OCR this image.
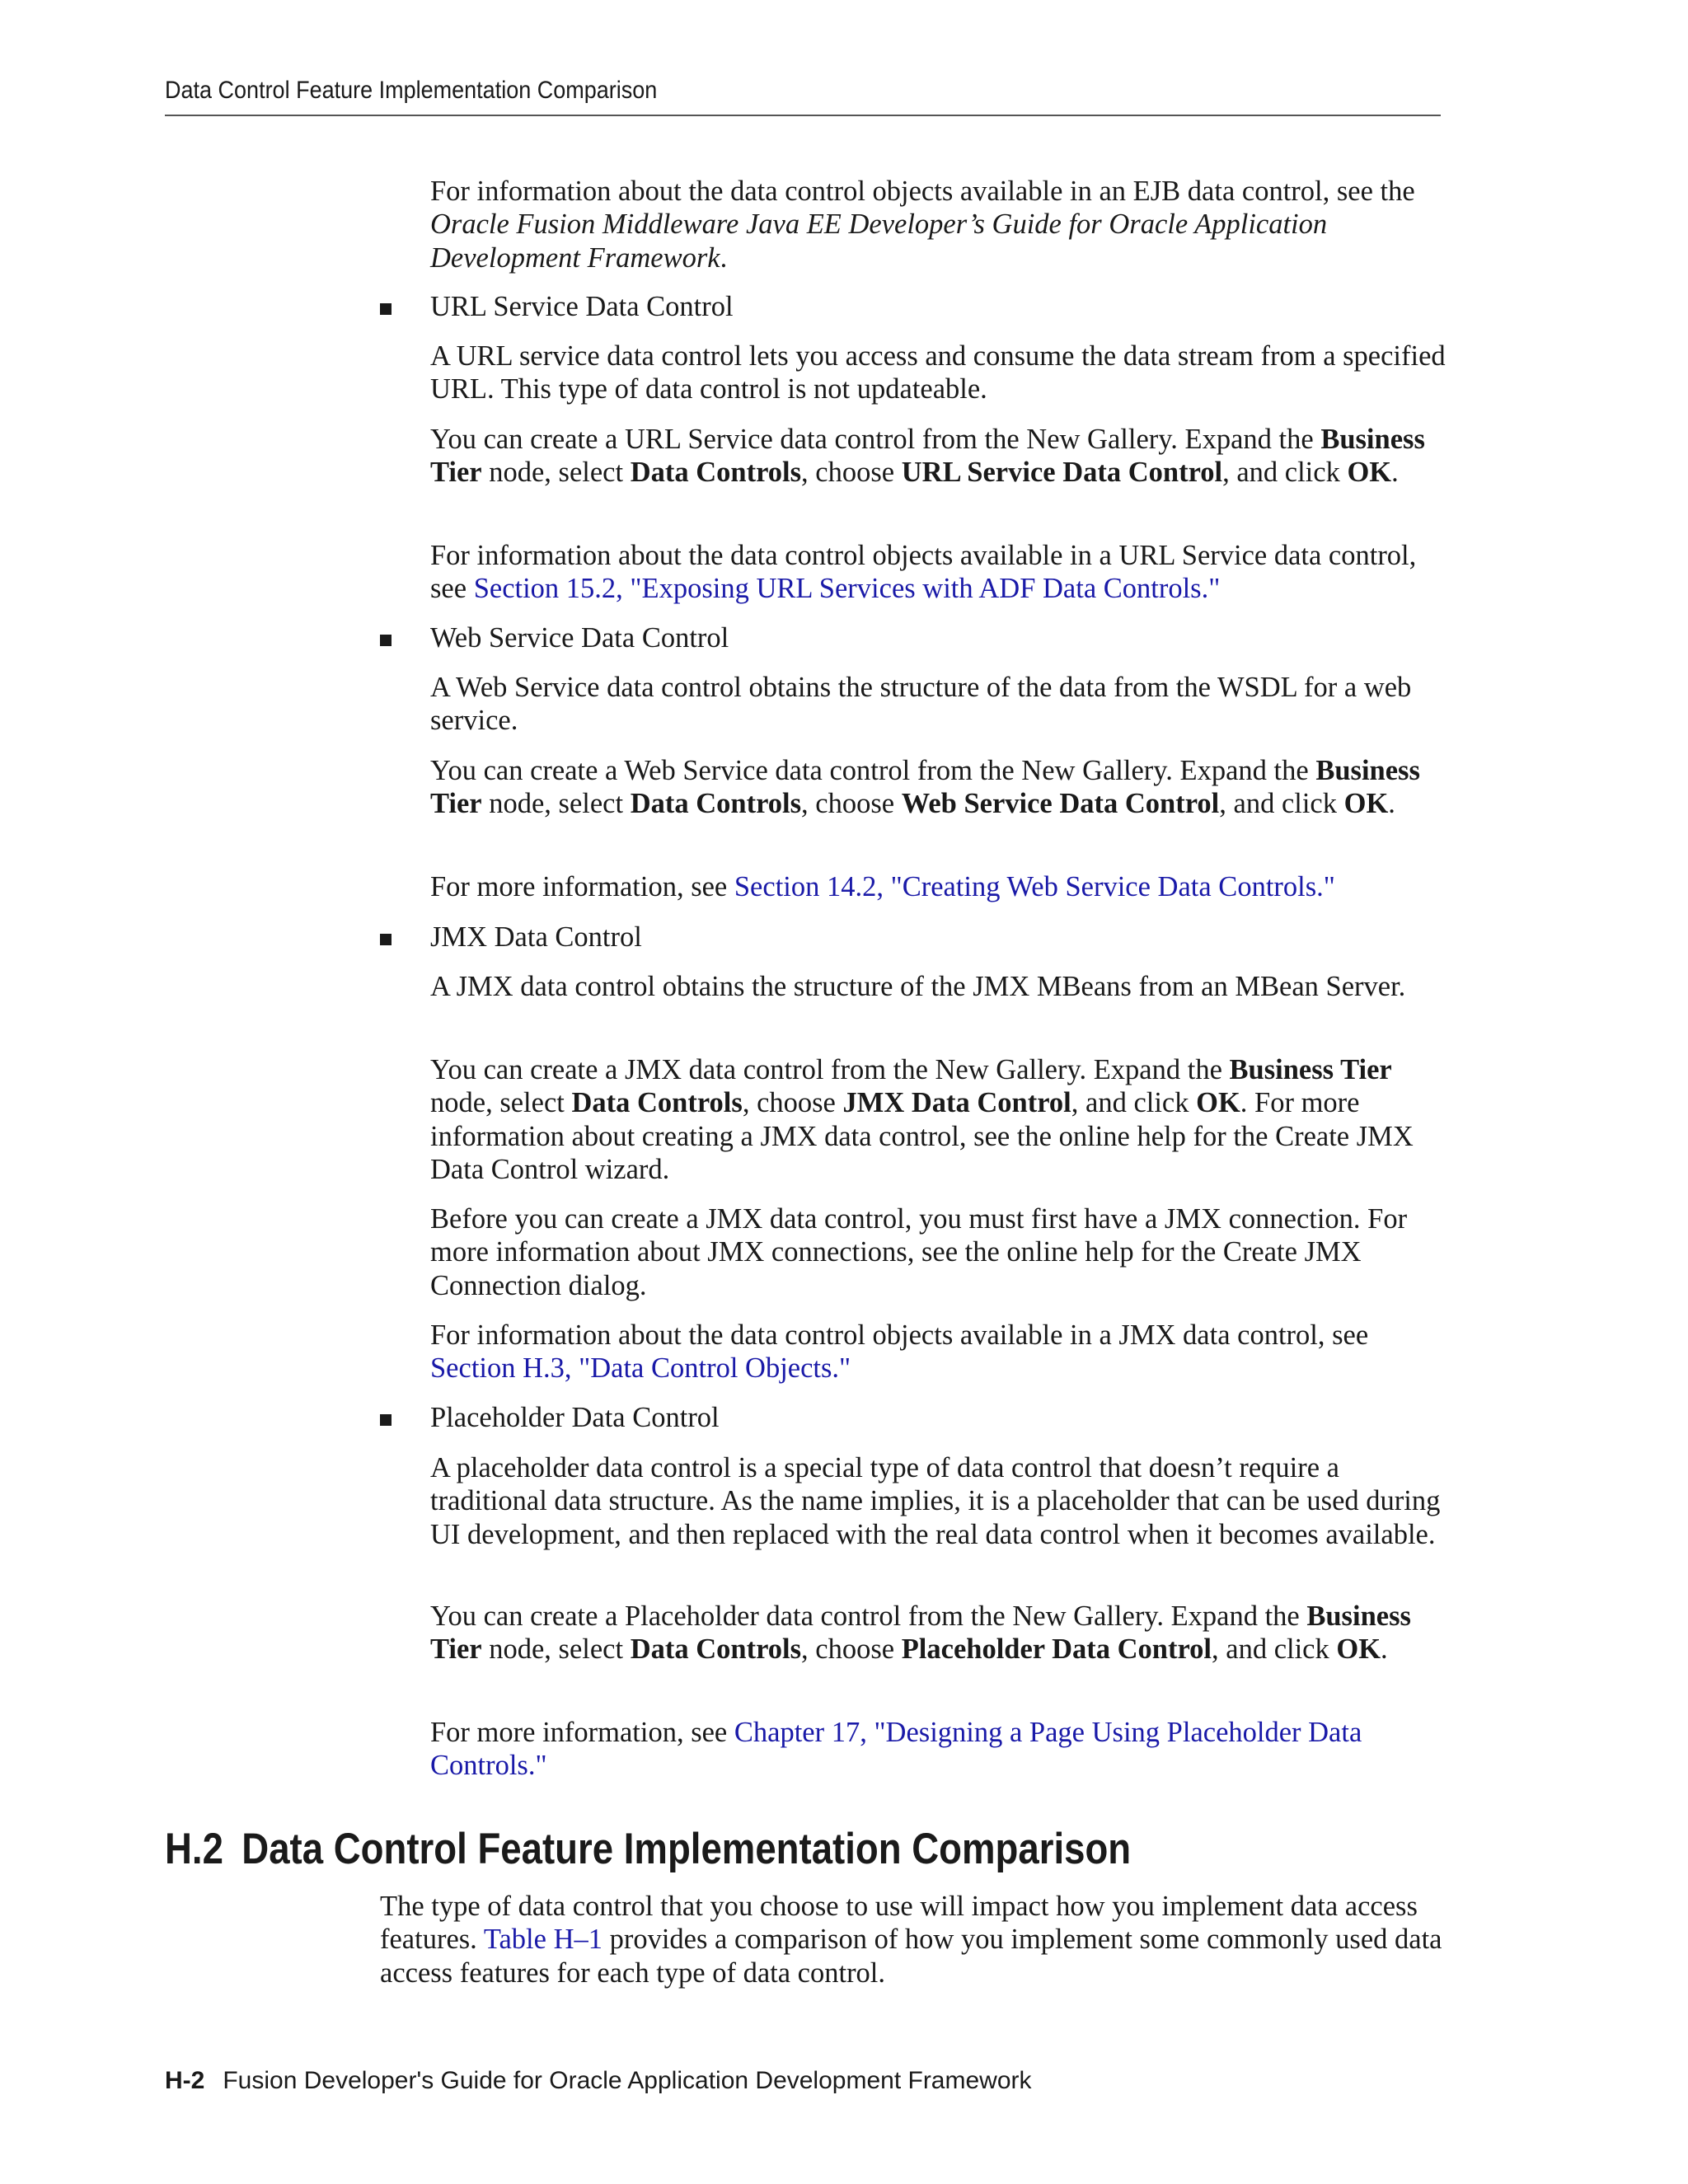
Data Control Feature Implementation Comparison
For information about the data control objects available in an EJB data control, see the Oracle Fusion Middleware Java EE Developer’s Guide for Oracle Application Development Framework.
URL Service Data Control
A URL service data control lets you access and consume the data stream from a specified URL. This type of data control is not updateable.
You can create a URL Service data control from the New Gallery. Expand the Business Tier node, select Data Controls, choose URL Service Data Control, and click OK.
For information about the data control objects available in a URL Service data control, see Section 15.2, "Exposing URL Services with ADF Data Controls."
Web Service Data Control
A Web Service data control obtains the structure of the data from the WSDL for a web service.
You can create a Web Service data control from the New Gallery. Expand the Business Tier node, select Data Controls, choose Web Service Data Control, and click OK.
For more information, see Section 14.2, "Creating Web Service Data Controls."
JMX Data Control
A JMX data control obtains the structure of the JMX MBeans from an MBean Server.
You can create a JMX data control from the New Gallery. Expand the Business Tier node, select Data Controls, choose JMX Data Control, and click OK. For more information about creating a JMX data control, see the online help for the Create JMX Data Control wizard.
Before you can create a JMX data control, you must first have a JMX connection. For more information about JMX connections, see the online help for the Create JMX Connection dialog.
For information about the data control objects available in a JMX data control, see Section H.3, "Data Control Objects."
Placeholder Data Control
A placeholder data control is a special type of data control that doesn’t require a traditional data structure. As the name implies, it is a placeholder that can be used during UI development, and then replaced with the real data control when it becomes available.
You can create a Placeholder data control from the New Gallery. Expand the Business Tier node, select Data Controls, choose Placeholder Data Control, and click OK.
For more information, see Chapter 17, "Designing a Page Using Placeholder Data Controls."
H.2 Data Control Feature Implementation Comparison
The type of data control that you choose to use will impact how you implement data access features. Table H–1 provides a comparison of how you implement some commonly used data access features for each type of data control.
H-2 Fusion Developer's Guide for Oracle Application Development Framework
